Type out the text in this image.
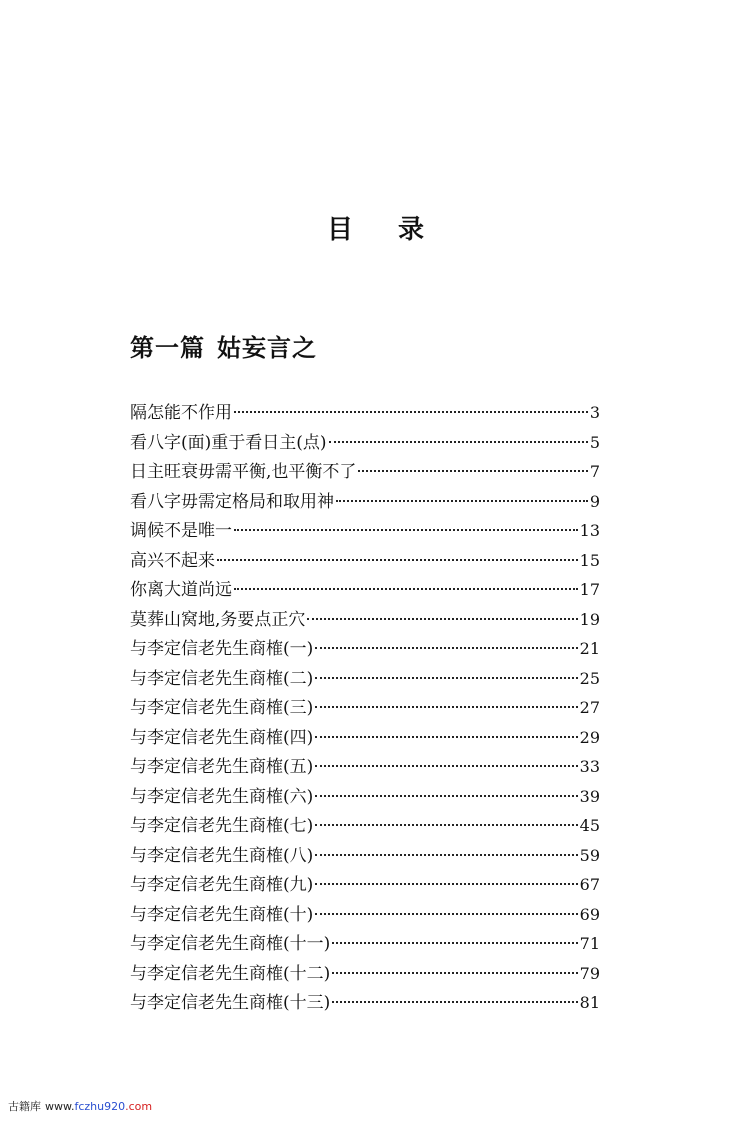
目 录
第一篇 姑妄言之
隔怎能不作用	3
看八字(面)重于看日主(点)	5
日主旺衰毋需平衡,也平衡不了	7
看八字毋需定格局和取用神	9
调候不是唯一	13
高兴不起来	15
你离大道尚远	17
莫葬山窝地,务要点正穴	19
与李定信老先生商榷(一)	21
与李定信老先生商榷(二)	25
与李定信老先生商榷(三)	27
与李定信老先生商榷(四)	29
与李定信老先生商榷(五)	33
与李定信老先生商榷(六)	39
与李定信老先生商榷(七)	45
与李定信老先生商榷(八)	59
与李定信老先生商榷(九)	67
与李定信老先生商榷(十)	69
与李定信老先生商榷(十一)	71
与李定信老先生商榷(十二)	79
与李定信老先生商榷(十三)	81
古籍库 www.fczhu920.com
